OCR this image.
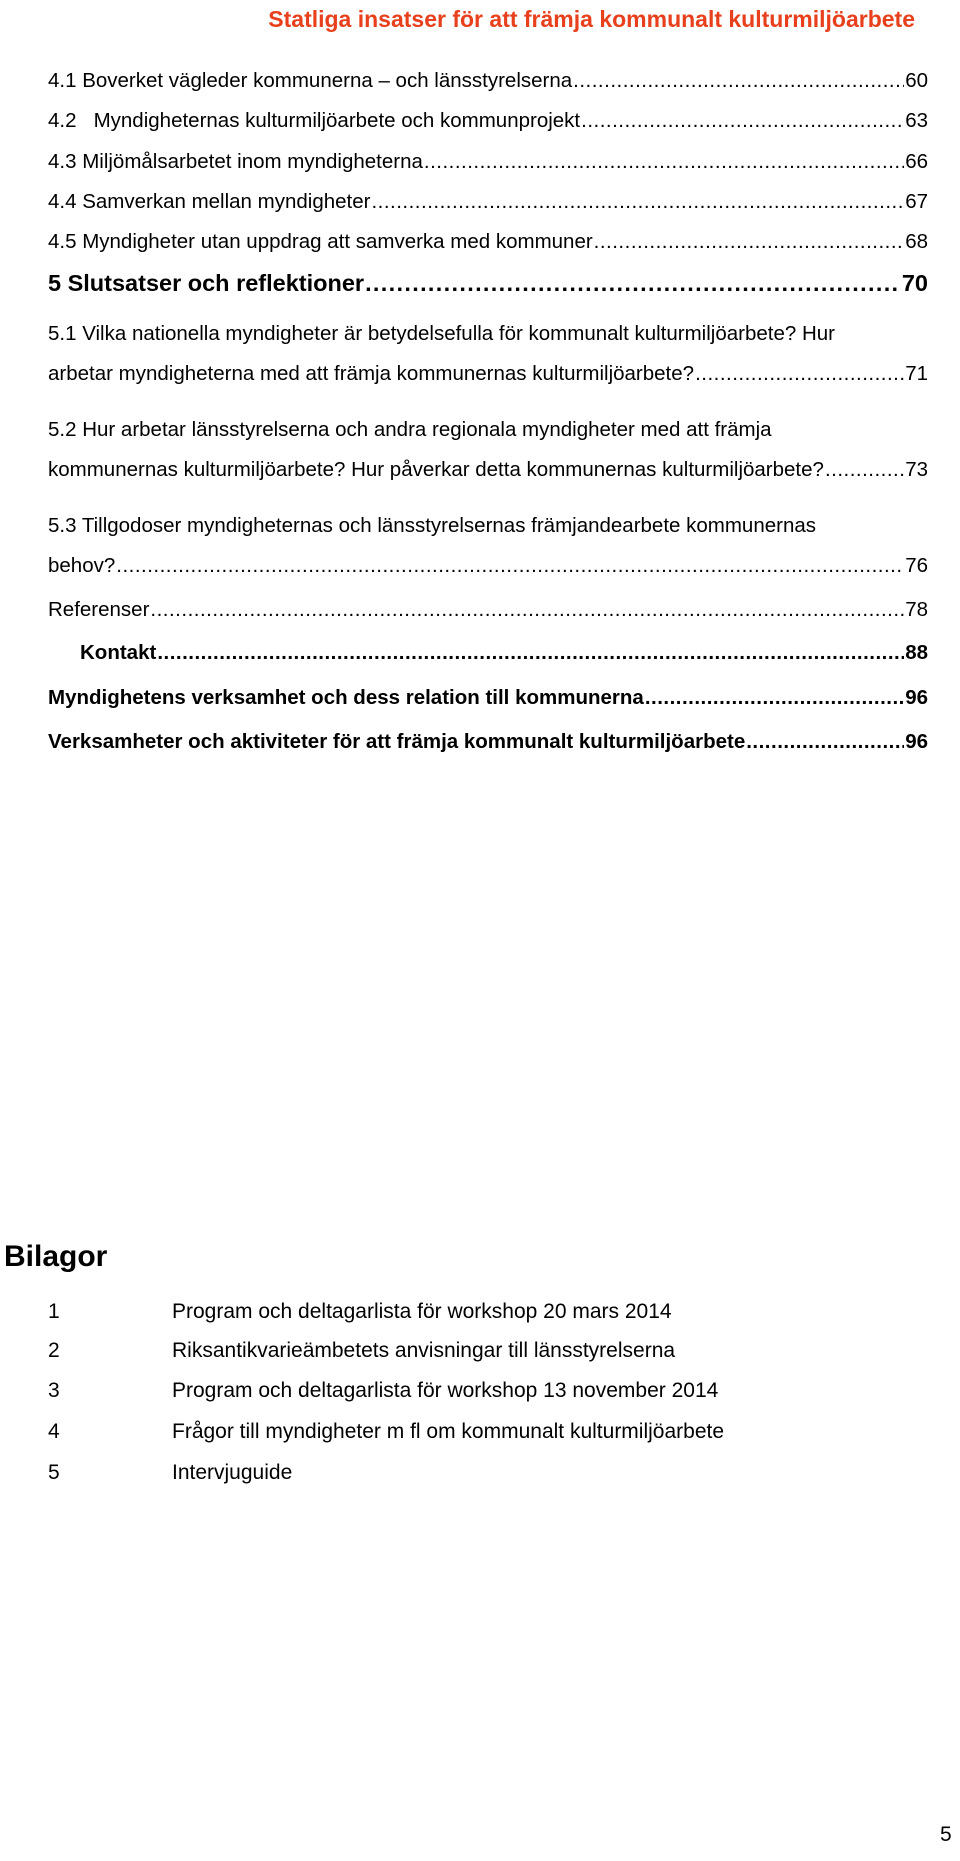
Statliga insatser för att främja kommunalt kulturmiljöarbete
4.1 Boverket vägleder kommunerna – och länsstyrelserna . . .	60
4.2   Myndigheternas kulturmiljöarbete och kommunprojekt . . .	63
4.3 Miljömålsarbetet inom myndigheterna . . .	66
4.4 Samverkan mellan myndigheter . . .	67
4.5 Myndigheter utan uppdrag att samverka med kommuner . . .	68
5 Slutsatser och reflektioner . . .	70
5.1 Vilka nationella myndigheter är betydelsefulla för kommunalt kulturmiljöarbete? Hur
arbetar myndigheterna med att främja kommunernas kulturmiljöarbete? . . .	71
5.2 Hur arbetar länsstyrelserna och andra regionala myndigheter med att främja
kommunernas kulturmiljöarbete? Hur påverkar detta kommunernas kulturmiljöarbete? . . .	73
5.3 Tillgodoser myndigheternas och länsstyrelsernas främjandearbete kommunernas
behov? . . .	76
Referenser . . .	78
Kontakt . . .	88
Myndighetens verksamhet och dess relation till kommunerna . . .	96
Verksamheter och aktiviteter för att främja kommunalt kulturmiljöarbete . . .	96
Bilagor
1	Program och deltagarlista för workshop 20 mars 2014
2	Riksantikvarieämbetets anvisningar till länsstyrelserna
3	Program och deltagarlista för workshop 13 november 2014
4	Frågor till myndigheter m fl om kommunalt kulturmiljöarbete
5	Intervjuguide
5
